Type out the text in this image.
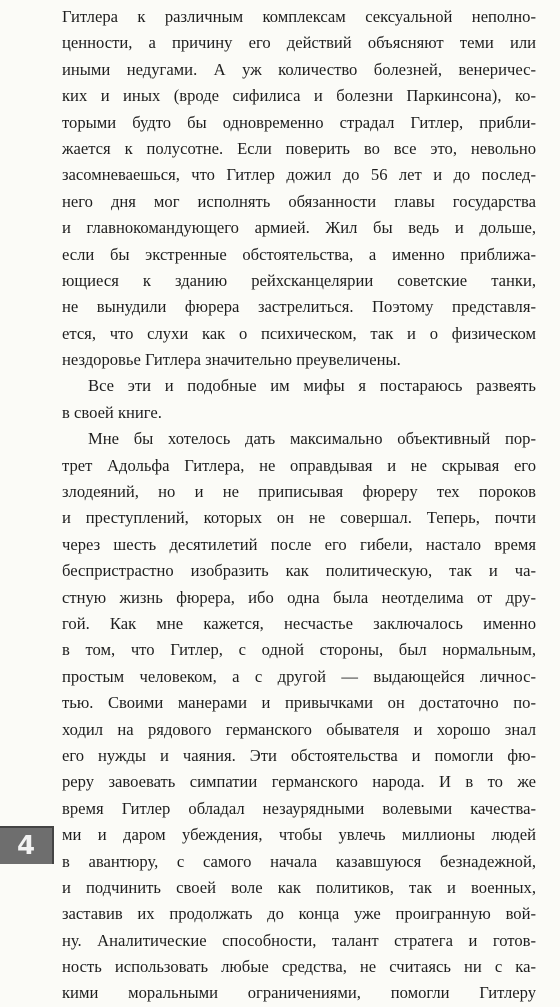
Гитлера к различным комплексам сексуальной неполно-
ценности, а причину его действий объясняют теми или
иными недугами. А уж количество болезней, венеричес-
ких и иных (вроде сифилиса и болезни Паркинсона), ко-
торыми будто бы одновременно страдал Гитлер, прибли-
жается к полусотне. Если поверить во все это, невольно
засомневаешься, что Гитлер дожил до 56 лет и до послед-
него дня мог исполнять обязанности главы государства
и главнокомандующего армией. Жил бы ведь и дольше,
если бы экстренные обстоятельства, а именно приближа-
ющиеся к зданию рейхсканцелярии советские танки,
не вынудили фюрера застрелиться. Поэтому представля-
ется, что слухи как о психическом, так и о физическом
нездоровье Гитлера значительно преувеличены.
Все эти и подобные им мифы я постараюсь развеять
в своей книге.
Мне бы хотелось дать максимально объективный пор-
трет Адольфа Гитлера, не оправдывая и не скрывая его
злодеяний, но и не приписывая фюреру тех пороков
и преступлений, которых он не совершал. Теперь, почти
через шесть десятилетий после его гибели, настало время
беспристрастно изобразить как политическую, так и ча-
стную жизнь фюрера, ибо одна была неотделима от дру-
гой. Как мне кажется, несчастье заключалось именно
в том, что Гитлер, с одной стороны, был нормальным,
простым человеком, а с другой — выдающейся личнос-
тью. Своими манерами и привычками он достаточно по-
ходил на рядового германского обывателя и хорошо знал
его нужды и чаяния. Эти обстоятельства и помогли фю-
реру завоевать симпатии германского народа. И в то же
время Гитлер обладал незаурядными волевыми качества-
ми и даром убеждения, чтобы увлечь миллионы людей
в авантюру, с самого начала казавшуюся безнадежной,
и подчинить своей воле как политиков, так и военных,
заставив их продолжать до конца уже проигранную вой-
ну. Аналитические способности, талант стратега и готов-
ность использовать любые средства, не считаясь ни с ка-
кими моральными ограничениями, помогли Гитлеру
4
